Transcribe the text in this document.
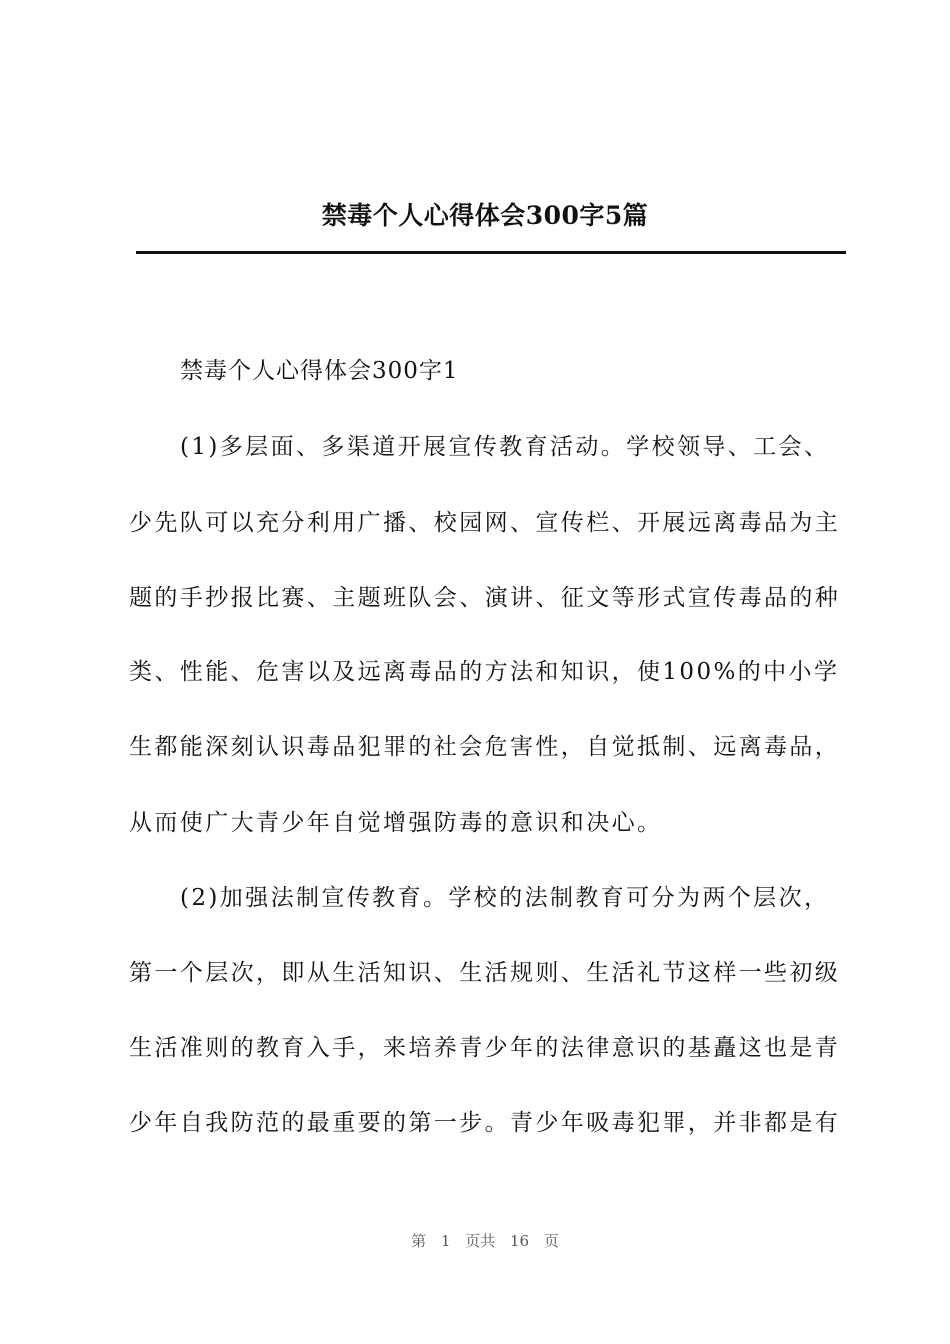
禁毒个人心得体会300字5篇

禁毒个人心得体会300字1

(1)多层面、多渠道开展宣传教育活动。学校领导、工会、

少先队可以充分利用广播、校园网、宣传栏、开展远离毒品为主

题的手抄报比赛、主题班队会、演讲、征文等形式宣传毒品的种

类、性能、危害以及远离毒品的方法和知识，使100%的中小学

生都能深刻认识毒品犯罪的社会危害性，自觉抵制、远离毒品，

从而使广大青少年自觉增强防毒的意识和决心。

(2)加强法制宣传教育。学校的法制教育可分为两个层次，

第一个层次，即从生活知识、生活规则、生活礼节这样一些初级

生活准则的教育入手，来培养青少年的法律意识的基矗这也是青

少年自我防范的最重要的第一步。青少年吸毒犯罪，并非都是有

第 1 页共 16 页
